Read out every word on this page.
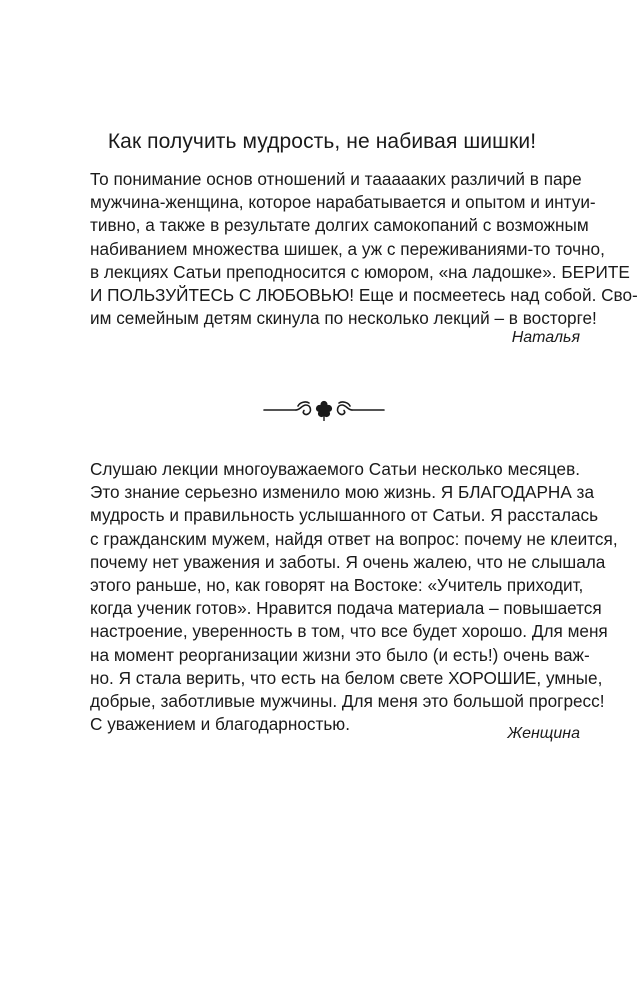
Как получить мудрость, не набивая шишки!
То понимание основ отношений и таааааких различий в паре
мужчина-женщина, которое нарабатывается и опытом и интуи-
тивно, а также в результате долгих самокопаний с возможным
набиванием множества шишек, а уж с переживаниями-то точно,
в лекциях Сатьи преподносится с юмором, «на ладошке». БЕРИТЕ
И ПОЛЬЗУЙТЕСЬ С ЛЮБОВЬЮ! Еще и посмеетесь над собой. Сво-
им семейным детям скинула по несколько лекций – в восторге!

Наталья

Слушаю лекции многоуважаемого Сатьи несколько месяцев.
Это знание серьезно изменило мою жизнь. Я БЛАГОДАРНА за
мудрость и правильность услышанного от Сатьи. Я рассталась
с гражданским мужем, найдя ответ на вопрос: почему не клеится,
почему нет уважения и заботы. Я очень жалею, что не слышала
этого раньше, но, как говорят на Востоке: «Учитель приходит,
когда ученик готов». Нравится подача материала – повышается
настроение, уверенность в том, что все будет хорошо. Для меня
на момент реорганизации жизни это было (и есть!) очень важ-
но. Я стала верить, что есть на белом свете ХОРОШИЕ, умные,
добрые, заботливые мужчины. Для меня это большой прогресс!
С уважением и благодарностью.	Женщина
